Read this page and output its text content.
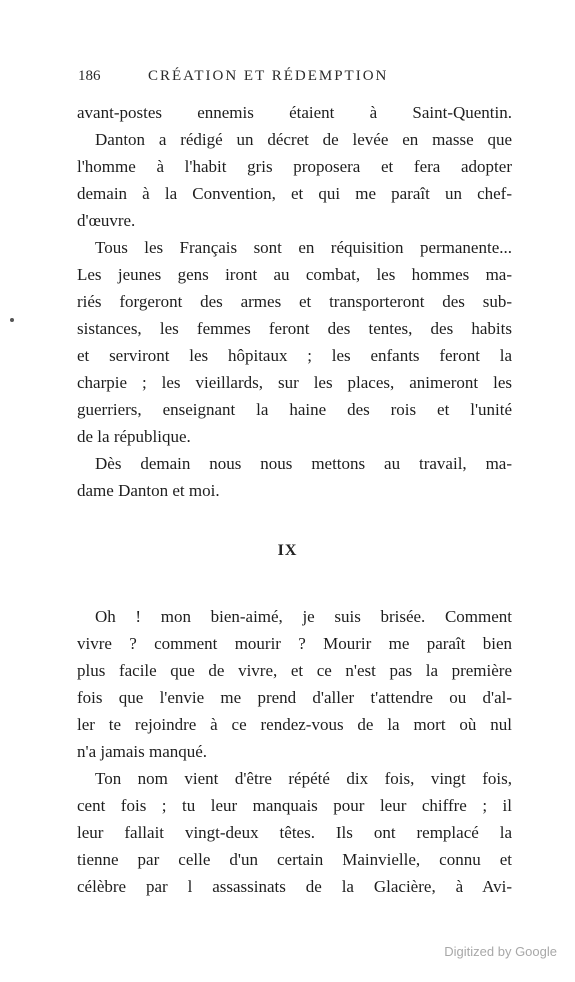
186	CRÉATION ET RÉDEMPTION
avant-postes ennemis étaient à Saint-Quentin.
Danton a rédigé un décret de levée en masse que
l'homme à l'habit gris proposera et fera adopter
demain à la Convention, et qui me paraît un chef-
d'œuvre.
Tous les Français sont en réquisition permanente...
Les jeunes gens iront au combat, les hommes ma-
riés forgeront des armes et transporteront des sub-
sistances, les femmes feront des tentes, des habits
et serviront les hôpitaux ; les enfants feront la
charpie ; les vieillards, sur les places, animeront les
guerriers, enseignant la haine des rois et l'unité
de la république.
Dès demain nous nous mettons au travail, ma-
dame Danton et moi.
IX
Oh ! mon bien-aimé, je suis brisée. Comment
vivre ? comment mourir ? Mourir me paraît bien
plus facile que de vivre, et ce n'est pas la première
fois que l'envie me prend d'aller t'attendre ou d'al-
ler te rejoindre à ce rendez-vous de la mort où nul
n'a jamais manqué.
Ton nom vient d'être répété dix fois, vingt fois,
cent fois ; tu leur manquais pour leur chiffre ; il
leur fallait vingt-deux têtes. Ils ont remplacé la
tienne par celle d'un certain Mainvielle, connu et
célèbre par l assassinats de la Glacière, à Avi-
Digitized by Google
